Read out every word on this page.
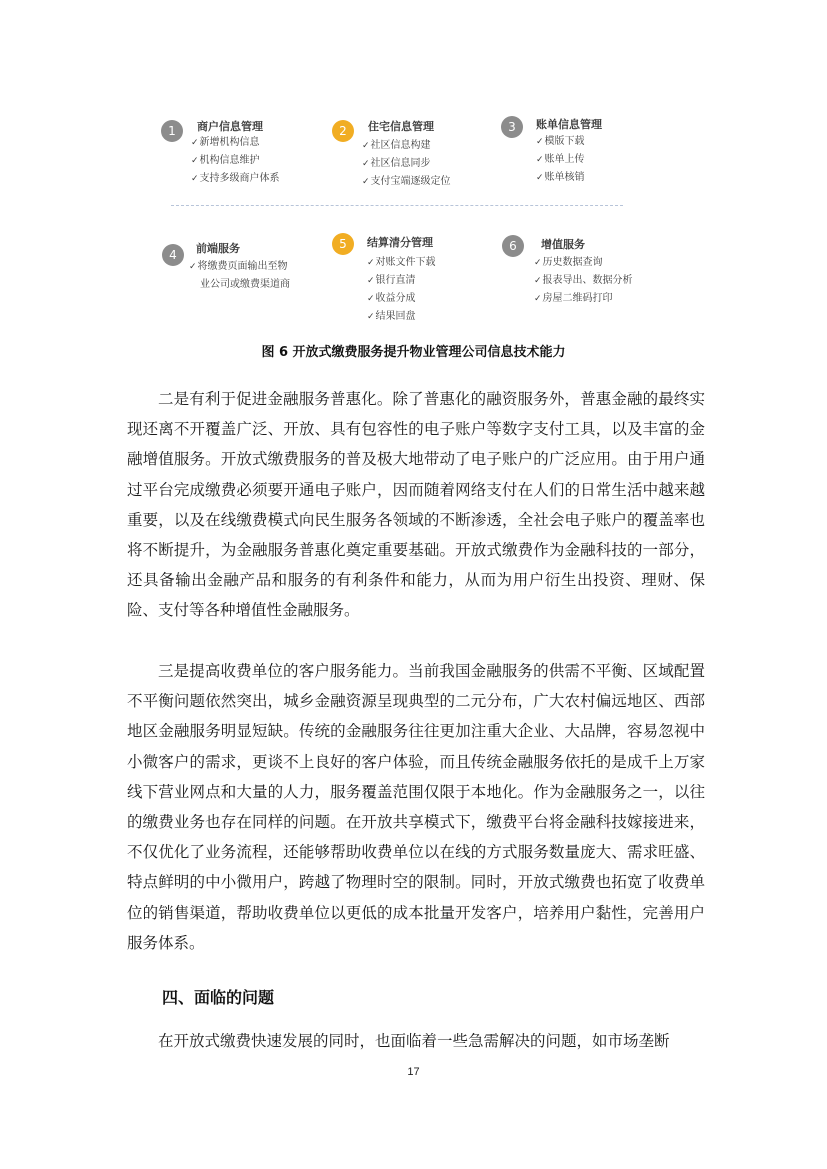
1	商户信息管理
✓ 新增机构信息
✓ 机构信息维护
✓ 支持多级商户体系
2	住宅信息管理
✓ 社区信息构建
✓ 社区信息同步
✓ 支付宝端逐级定位
3	账单信息管理
✓ 模版下载
✓ 账单上传
✓ 账单核销
4	前端服务
✓ 将缴费页面输出至物
业公司或缴费渠道商
5	结算清分管理
✓ 对账文件下载
✓ 银行直清
✓ 收益分成
✓ 结果回盘
6	增值服务
✓ 历史数据查询
✓ 报表导出、数据分析
✓ 房屋二维码打印
图 6 开放式缴费服务提升物业管理公司信息技术能力

二是有利于促进金融服务普惠化。除了普惠化的融资服务外，普惠金融的最终实现还离不开覆盖广泛、开放、具有包容性的电子账户等数字支付工具，以及丰富的金融增值服务。开放式缴费服务的普及极大地带动了电子账户的广泛应用。由于用户通过平台完成缴费必须要开通电子账户，因而随着网络支付在人们的日常生活中越来越重要，以及在线缴费模式向民生服务各领域的不断渗透，全社会电子账户的覆盖率也将不断提升，为金融服务普惠化奠定重要基础。开放式缴费作为金融科技的一部分，还具备输出金融产品和服务的有利条件和能力，从而为用户衍生出投资、理财、保险、支付等各种增值性金融服务。

三是提高收费单位的客户服务能力。当前我国金融服务的供需不平衡、区域配置不平衡问题依然突出，城乡金融资源呈现典型的二元分布，广大农村偏远地区、西部地区金融服务明显短缺。传统的金融服务往往更加注重大企业、大品牌，容易忽视中小微客户的需求，更谈不上良好的客户体验，而且传统金融服务依托的是成千上万家线下营业网点和大量的人力，服务覆盖范围仅限于本地化。作为金融服务之一，以往的缴费业务也存在同样的问题。在开放共享模式下，缴费平台将金融科技嫁接进来，不仅优化了业务流程，还能够帮助收费单位以在线的方式服务数量庞大、需求旺盛、特点鲜明的中小微用户，跨越了物理时空的限制。同时，开放式缴费也拓宽了收费单位的销售渠道，帮助收费单位以更低的成本批量开发客户，培养用户黏性，完善用户服务体系。

四、面临的问题

在开放式缴费快速发展的同时，也面临着一些急需解决的问题，如市场垄断

17
